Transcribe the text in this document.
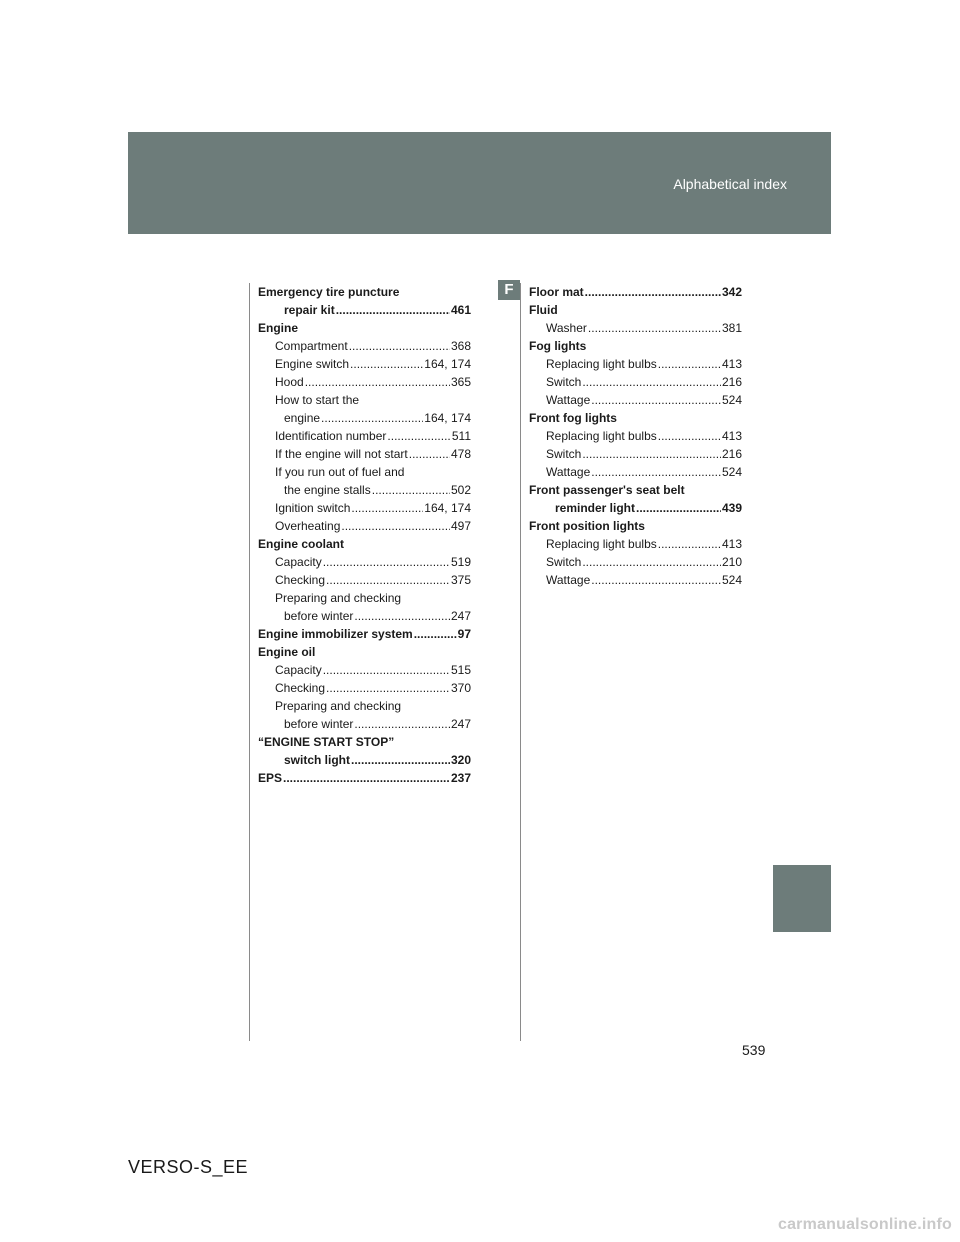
Alphabetical index
F
Emergency tire puncture
repair kit .....	461
Engine
Compartment .....	368
Engine switch .....	164, 174
Hood .....	365
How to start the
engine .....	164, 174
Identification number .....	511
If the engine will not start .....	478
If you run out of fuel and
the engine stalls .....	502
Ignition switch .....	164, 174
Overheating .....	497
Engine coolant
Capacity .....	519
Checking .....	375
Preparing and checking
before winter .....	247
Engine immobilizer system .....	97
Engine oil
Capacity .....	515
Checking .....	370
Preparing and checking
before winter .....	247
“ENGINE START STOP”
switch light .....	320
EPS .....	237
Floor mat .....	342
Fluid
Washer .....	381
Fog lights
Replacing light bulbs .....	413
Switch .....	216
Wattage .....	524
Front fog lights
Replacing light bulbs .....	413
Switch .....	216
Wattage .....	524
Front passenger's seat belt
reminder light .....	439
Front position lights
Replacing light bulbs .....	413
Switch .....	210
Wattage .....	524
539
VERSO-S_EE
carmanualsonline.info
